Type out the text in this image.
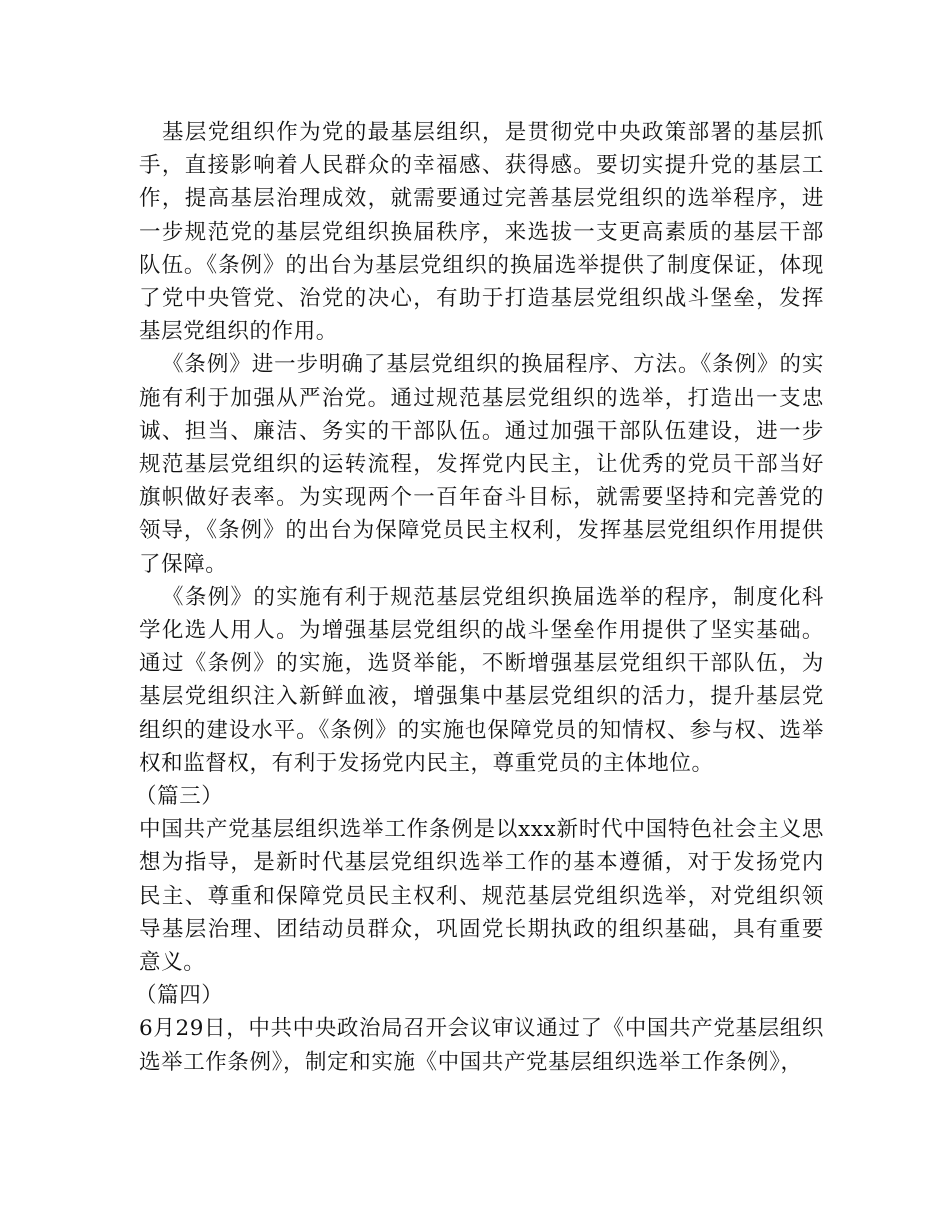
基层党组织作为党的最基层组织，是贯彻党中央政策部署的基层抓手，直接影响着人民群众的幸福感、获得感。要切实提升党的基层工作，提高基层治理成效，就需要通过完善基层党组织的选举程序，进一步规范党的基层党组织换届秩序，来选拔一支更高素质的基层干部队伍。《条例》的出台为基层党组织的换届选举提供了制度保证，体现了党中央管党、治党的决心，有助于打造基层党组织战斗堡垒，发挥基层党组织的作用。

《条例》进一步明确了基层党组织的换届程序、方法。《条例》的实施有利于加强从严治党。通过规范基层党组织的选举，打造出一支忠诚、担当、廉洁、务实的干部队伍。通过加强干部队伍建设，进一步规范基层党组织的运转流程，发挥党内民主，让优秀的党员干部当好旗帜做好表率。为实现两个一百年奋斗目标，就需要坚持和完善党的领导，《条例》的出台为保障党员民主权利，发挥基层党组织作用提供了保障。

《条例》的实施有利于规范基层党组织换届选举的程序，制度化科学化选人用人。为增强基层党组织的战斗堡垒作用提供了坚实基础。通过《条例》的实施，选贤举能，不断增强基层党组织干部队伍，为基层党组织注入新鲜血液，增强集中基层党组织的活力，提升基层党组织的建设水平。《条例》的实施也保障党员的知情权、参与权、选举权和监督权，有利于发扬党内民主，尊重党员的主体地位。

（篇三）

中国共产党基层组织选举工作条例是以xxx新时代中国特色社会主义思想为指导，是新时代基层党组织选举工作的基本遵循，对于发扬党内民主、尊重和保障党员民主权利、规范基层党组织选举，对党组织领导基层治理、团结动员群众，巩固党长期执政的组织基础，具有重要意义。

（篇四）

6月29日，中共中央政治局召开会议审议通过了《中国共产党基层组织选举工作条例》，制定和实施《中国共产党基层组织选举工作条例》，
